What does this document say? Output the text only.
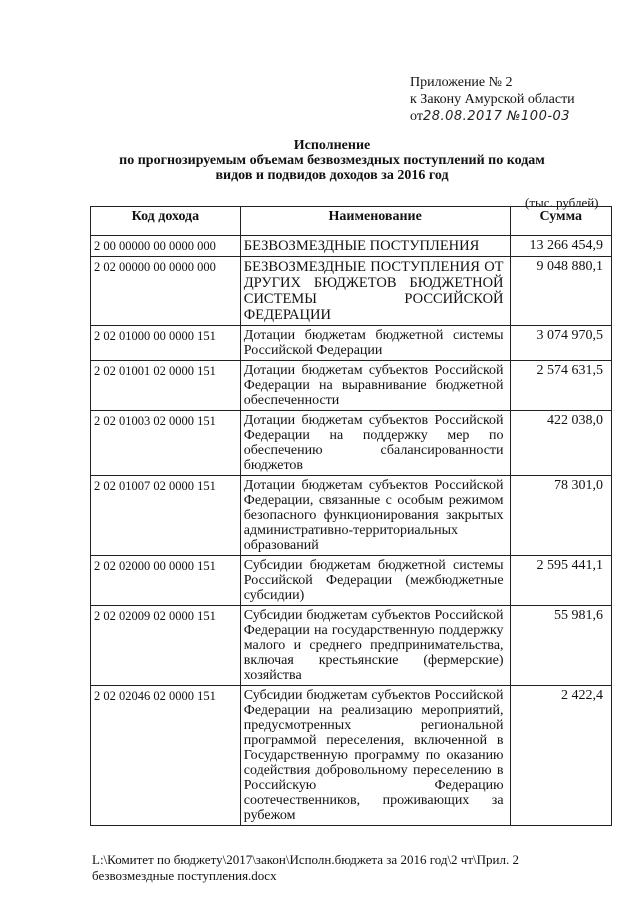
Приложение № 2
к Закону Амурской области
от28.08.2017 №100-03
Исполнение
по прогнозируемым объемам безвозмездных поступлений по кодам
видов и подвидов доходов за 2016 год
(тыс. рублей)
Код дохода	Наименование	Сумма
2 00 00000 00 0000 000	БЕЗВОЗМЕЗДНЫЕ ПОСТУПЛЕНИЯ	13 266 454,9
2 02 00000 00 0000 000	БЕЗВОЗМЕЗДНЫЕ ПОСТУПЛЕНИЯ ОТ ДРУГИХ БЮДЖЕТОВ БЮДЖЕТНОЙ СИСТЕМЫ РОССИЙСКОЙ ФЕДЕРАЦИИ	9 048 880,1
2 02 01000 00 0000 151	Дотации бюджетам бюджетной системы Российской Федерации	3 074 970,5
2 02 01001 02 0000 151	Дотации бюджетам субъектов Российской Федерации на выравнивание бюджетной обеспеченности	2 574 631,5
2 02 01003 02 0000 151	Дотации бюджетам субъектов Российской Федерации на поддержку мер по обеспечению сбалансированности бюджетов	422 038,0
2 02 01007 02 0000 151	Дотации бюджетам субъектов Российской Федерации, связанные с особым режимом безопасного функционирования закрытых административно-территориальных образований	78 301,0
2 02 02000 00 0000 151	Субсидии бюджетам бюджетной системы Российской Федерации (межбюджетные субсидии)	2 595 441,1
2 02 02009 02 0000 151	Субсидии бюджетам субъектов Российской Федерации на государственную поддержку малого и среднего предпринимательства, включая крестьянские (фермерские) хозяйства	55 981,6
2 02 02046 02 0000 151	Субсидии бюджетам субъектов Российской Федерации на реализацию мероприятий, предусмотренных региональной программой переселения, включенной в Государственную программу по оказанию содействия добровольному переселению в Российскую Федерацию соотечественников, проживающих за рубежом	2 422,4
L:\Комитет по бюджету\2017\закон\Исполн.бюджета за 2016 год\2 чт\Прил. 2
безвозмездные поступления.docx
